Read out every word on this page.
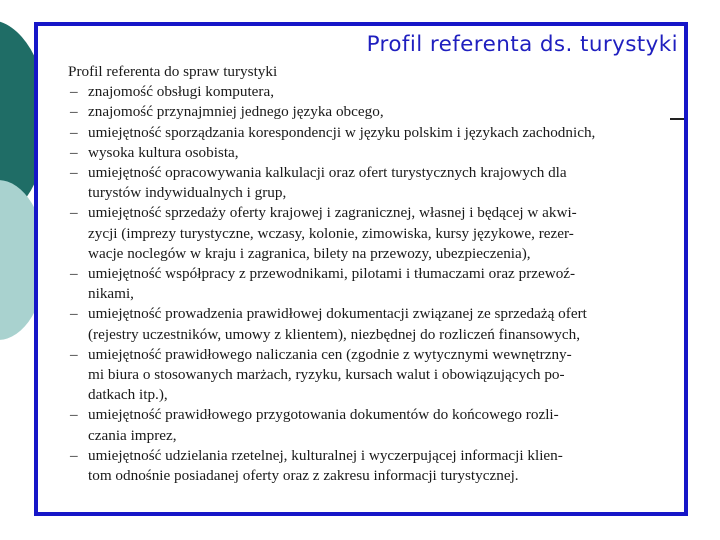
Profil referenta ds. turystyki

Profil referenta do spraw turystyki

– znajomość obsługi komputera,
– znajomość przynajmniej jednego języka obcego,
– umiejętność sporządzania korespondencji w języku polskim i językach zachodnich,
– wysoka kultura osobista,
– umiejętność opracowywania kalkulacji oraz ofert turystycznych krajowych dla
turystów indywidualnych i grup,
– umiejętność sprzedaży oferty krajowej i zagranicznej, własnej i będącej w akwi-
zycji (imprezy turystyczne, wczasy, kolonie, zimowiska, kursy językowe, rezer-
wacje noclegów w kraju i zagranica, bilety na przewozy, ubezpieczenia),
– umiejętność współpracy z przewodnikami, pilotami i tłumaczami oraz przewoź-
nikami,
– umiejętność prowadzenia prawidłowej dokumentacji związanej ze sprzedażą ofert
(rejestry uczestników, umowy z klientem), niezbędnej do rozliczeń finansowych,
– umiejętność prawidłowego naliczania cen (zgodnie z wytycznymi wewnętrzny-
mi biura o stosowanych marżach, ryzyku, kursach walut i obowiązujących po-
datkach itp.),
– umiejętność prawidłowego przygotowania dokumentów do końcowego rozli-
czania imprez,
– umiejętność udzielania rzetelnej, kulturalnej i wyczerpującej informacji klien-
tom odnośnie posiadanej oferty oraz z zakresu informacji turystycznej.
